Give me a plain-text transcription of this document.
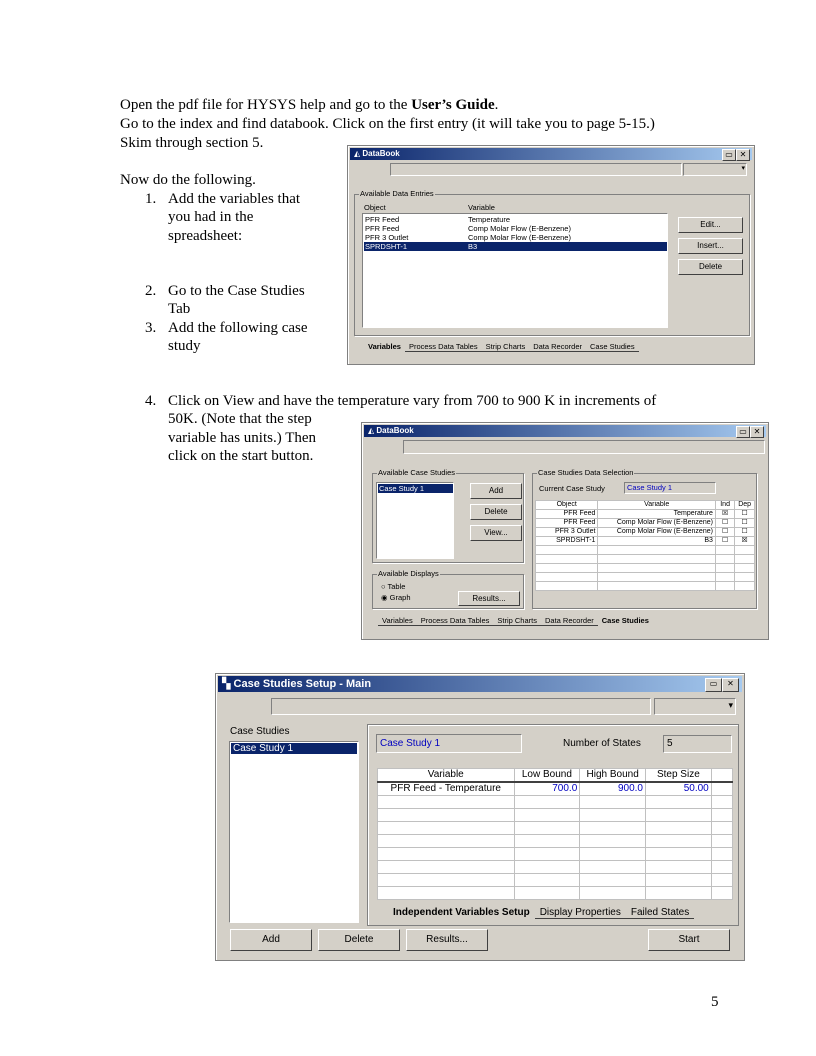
Open the pdf file for HYSYS help and go to the User’s Guide.
Go to the index and find databook. Click on the first entry (it will take you to page 5-15.)
Skim through section 5.
Now do the following.
1. Add the variables that
you had in the
spreadsheet:
2. Go to the Case Studies
Tab
3. Add the following case
study
4. Click on View and have the temperature vary from 700 to 900 K in increments of
50K. (Note that the step
variable has units.) Then
click on the start button.
◭ DataBook	▭ ✕
▾
Available Data Entries
Object	Variable
PFR Feed	Temperature
PFR Feed	Comp Molar Flow (E-Benzene)
PFR 3 Outlet	Comp Molar Flow (E-Benzene)
SPRDSHT-1	B3
Edit...
Insert...
Delete
Variables Process Data Tables Strip Charts Data Recorder Case Studies
◭ DataBook	▭ ✕
Available Case Studies
Case Study 1	Add
Delete
View...
Available Displays
○ Table
◉ Graph	Results...
Case Studies Data Selection
Current Case Study	Case Study 1
Object	Variable	Ind	Dep
PFR Feed	Temperature	☒	☐
PFR Feed	Comp Molar Flow (E-Benzene)	☐	☐
PFR 3 Outlet	Comp Molar Flow (E-Benzene)	☐	☐
SPRDSHT-1	B3	☐	☒

Variables Process Data Tables Strip Charts Data Recorder Case Studies
▚ Case Studies Setup - Main	▭	✕
▾
Case Studies
Case Study 1	Case Study 1	Number of States	5
Variable	Low Bound	High Bound	Step Size	
PFR Feed - Temperature	700.0	900.0	50.00	

Independent Variables Setup Display Properties Failed States
Add	Delete	Results...	Start
5
